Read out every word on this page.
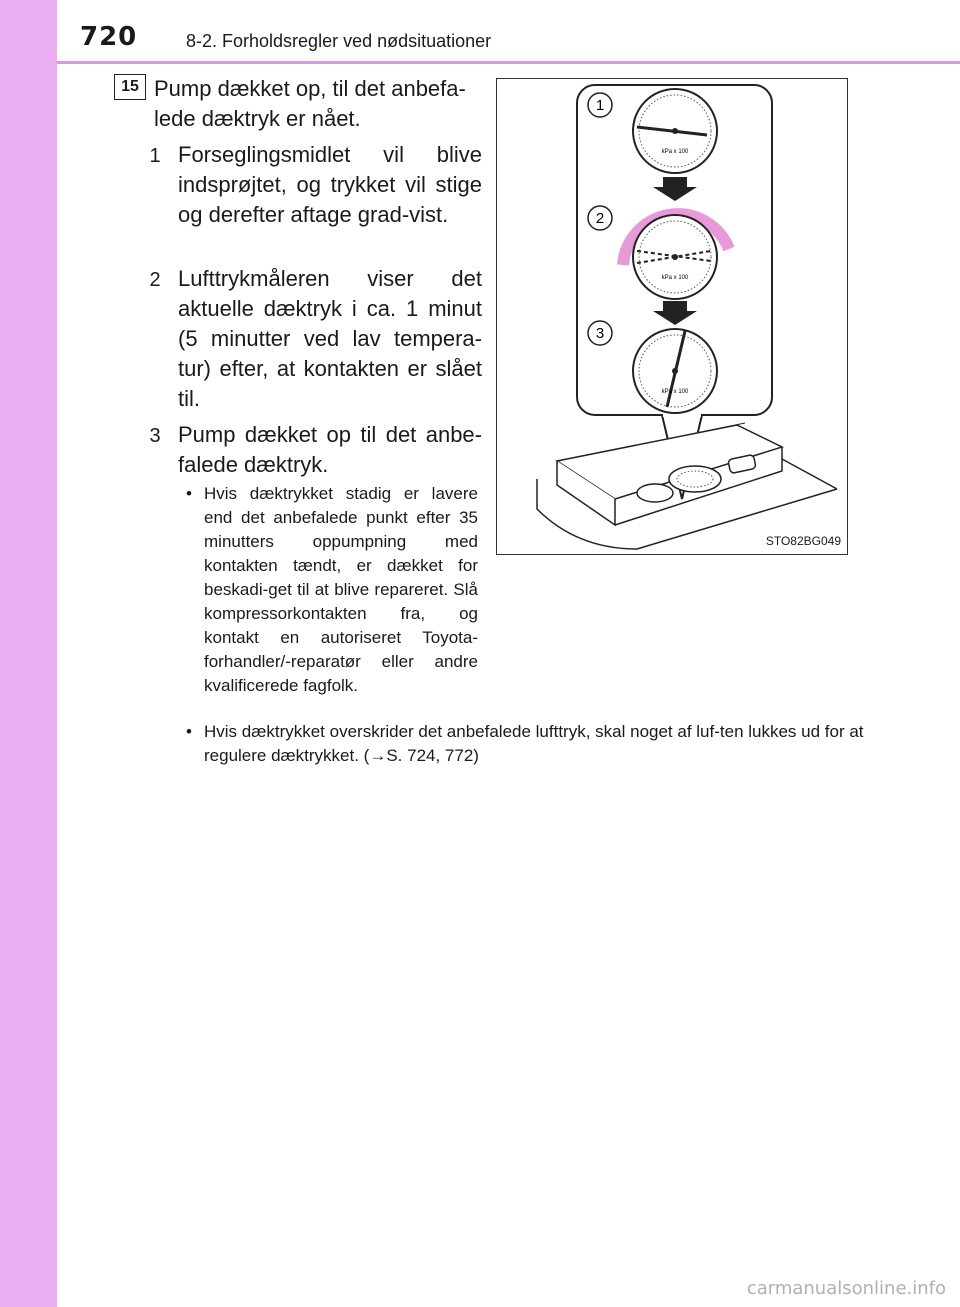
720	8-2. Forholdsregler ved nødsituationer
15 Pump dækket op, til det anbefa-lede dæktryk er nået.
1 Forseglingsmidlet vil blive indsprøjtet, og trykket vil stige og derefter aftage grad-vist.
2 Lufttrykmåleren viser det aktuelle dæktryk i ca. 1 minut (5 minutter ved lav tempera-tur) efter, at kontakten er slået til.
3 Pump dækket op til det anbe-falede dæktryk.
• Hvis dæktrykket stadig er lavere end det anbefalede punkt efter 35 minutters oppumpning med kontakten tændt, er dækket for beskadi-get til at blive repareret. Slå kompressorkontakten fra, og kontakt en autoriseret Toyota-forhandler/-reparatør eller andre kvalificerede fagfolk.
• Hvis dæktrykket overskrider det anbefalede lufttryk, skal noget af luf-ten lukkes ud for at regulere dæktrykket. (→S. 724, 772)
1
2
3
kPa x 100
kPa x 100
kPa x 100
STO82BG049
carmanualsonline.info
